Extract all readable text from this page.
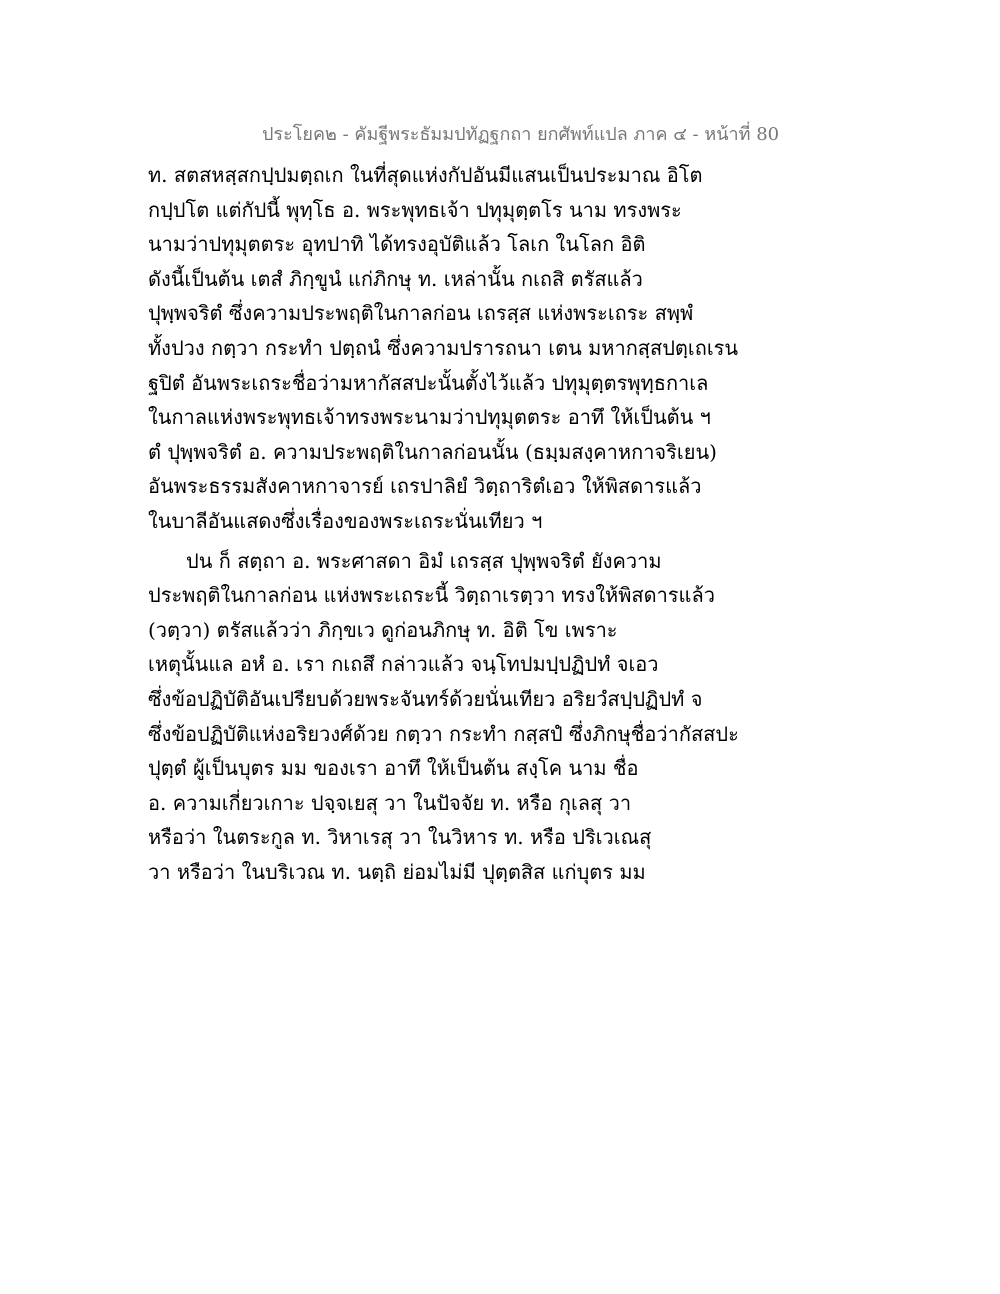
ประโยค๒ - คัมฐีพระธัมมปทัฏฐกถา ยกศัพท์แปล ภาค ๔ - หน้าที่ 80
ท. สตสหสฺสกปฺปมตฺถเก ในที่สุดแห่งกัปอันมีแสนเป็นประมาณ อิโต
กปฺปโต แต่กัปนี้ พุทฺโธ อ. พระพุทธเจ้า ปทุมุตฺตโร นาม ทรงพระ
นามว่าปทุมุตตระ อุทปาทิ ได้ทรงอุบัติแล้ว โลเก ในโลก อิติ
ดังนี้เป็นต้น เตสํ ภิกฺขูนํ แก่ภิกษุ ท. เหล่านั้น กเถสิ ตรัสแล้ว
ปุพฺพจริตํ ซึ่งความประพฤติในกาลก่อน เถรสฺส แห่งพระเถระ สพฺพํ
ทั้งปวง กตฺวา กระทำ ปตฺถนํ ซึ่งความปรารถนา เตน มหากสฺสปตฺเถเรน
ฐปิตํ อันพระเถระชื่อว่ามหากัสสปะนั้นตั้งไว้แล้ว ปทุมุตฺตรพุทฺธกาเล
ในกาลแห่งพระพุทธเจ้าทรงพระนามว่าปทุมุตตระ อาทึ ให้เป็นต้น ฯ
ตํ ปุพฺพจริตํ อ. ความประพฤติในกาลก่อนนั้น (ธมฺมสงฺคาหกาจริเยน)
อันพระธรรมสังคาหกาจารย์ เถรปาลิยํ วิตฺถาริตํเอว ให้พิสดารแล้ว
ในบาลีอันแสดงซึ่งเรื่องของพระเถระนั่นเทียว ฯ
ปน ก็ สตฺถา อ. พระศาสดา อิมํ เถรสฺส ปุพฺพจริตํ ยังความ
ประพฤติในกาลก่อน แห่งพระเถระนี้ วิตฺถาเรตฺวา ทรงให้พิสดารแล้ว
(วตฺวา) ตรัสแล้วว่า ภิกฺขเว ดูก่อนภิกษุ ท. อิติ โข เพราะ
เหตุนั้นแล อหํ อ. เรา กเถสึ กล่าวแล้ว จนฺโทปมปฺปฏิปทํ จเอว
ซึ่งข้อปฏิบัติอันเปรียบด้วยพระจันทร์ด้วยนั่นเทียว อริยวํสปฺปฏิปทํ จ
ซึ่งข้อปฏิบัติแห่งอริยวงศ์ด้วย กตฺวา กระทำ กสฺสปํ ซึ่งภิกษุชื่อว่ากัสสปะ
ปุตฺตํ ผู้เป็นบุตร มม ของเรา อาทึ ให้เป็นต้น สงฺโค นาม ชื่อ
อ. ความเกี่ยวเกาะ ปจฺจเยสุ วา ในปัจจัย ท. หรือ กุเลสุ วา
หรือว่า ในตระกูล ท. วิหาเรสุ วา ในวิหาร ท. หรือ ปริเวเณสุ
วา หรือว่า ในบริเวณ ท. นตฺถิ ย่อมไม่มี ปุตฺตสิส แก่บุตร มม
